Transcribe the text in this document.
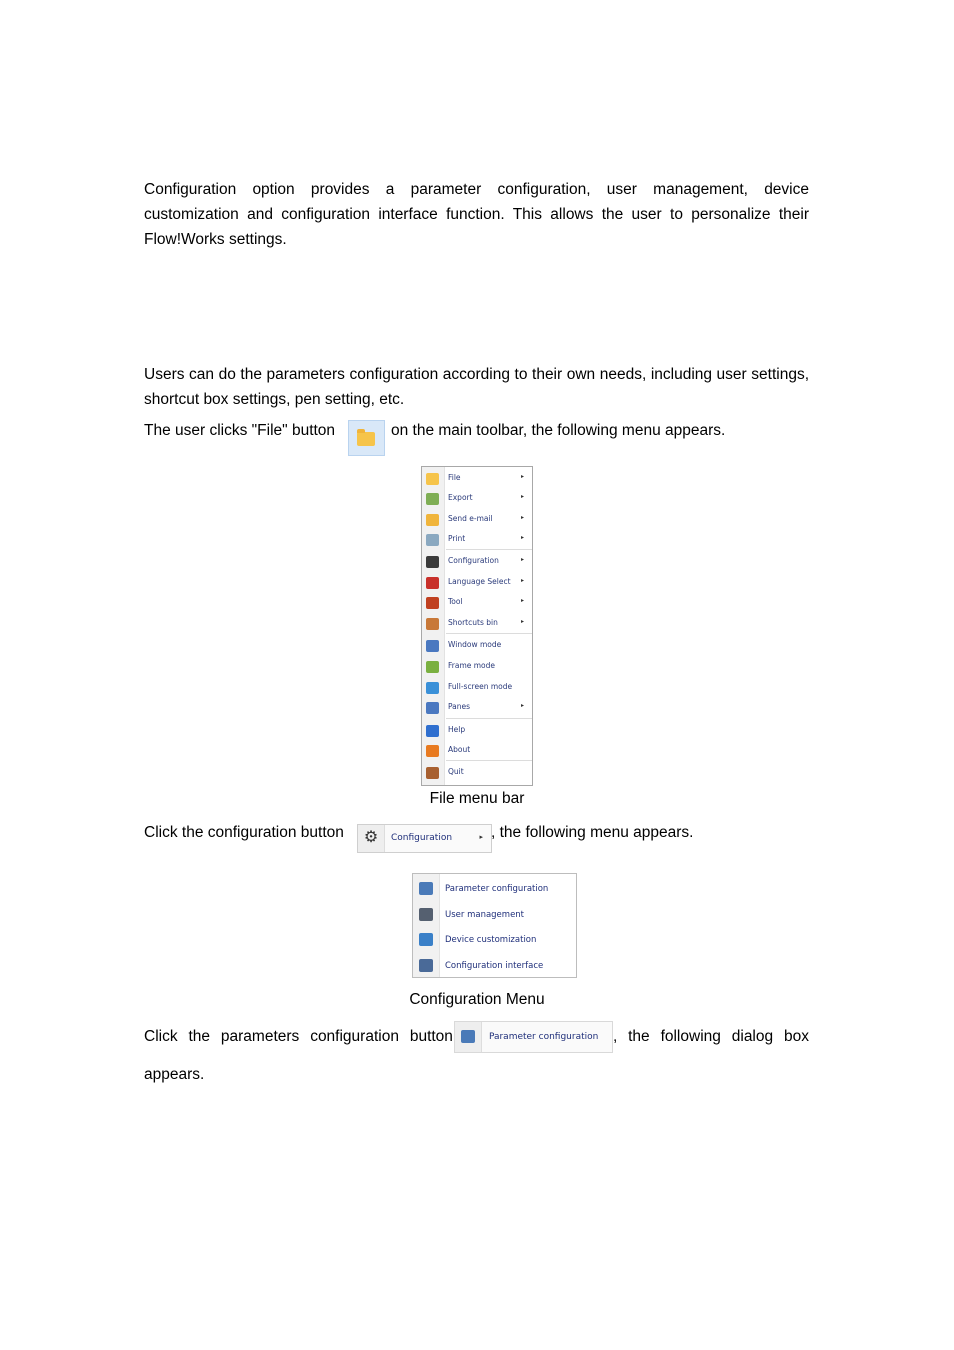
Configuration option provides a parameter configuration, user management, device customization and configuration interface function. This allows the user to personalize their Flow!Works settings.
Users can do the parameters configuration according to their own needs, including user settings, shortcut box settings, pen setting, etc.
The user clicks "File" button	on the main toolbar, the following menu appears.
File	▸
Export	▸
Send e-mail	▸
Print	▸
Configuration	▸
Language Select ▸
Tool	▸
Shortcuts bin	▸
Window mode
Frame mode
Full-screen mode
Panes	▸
Help
About
Quit
File menu bar
Click the configuration button ⚙ Configuration	▸ , the following menu appears.
Parameter configuration
User management
Device customization
Configuration interface
Configuration Menu
Click the parameters configuration button	Parameter configuration , the following dialog box
appears.
